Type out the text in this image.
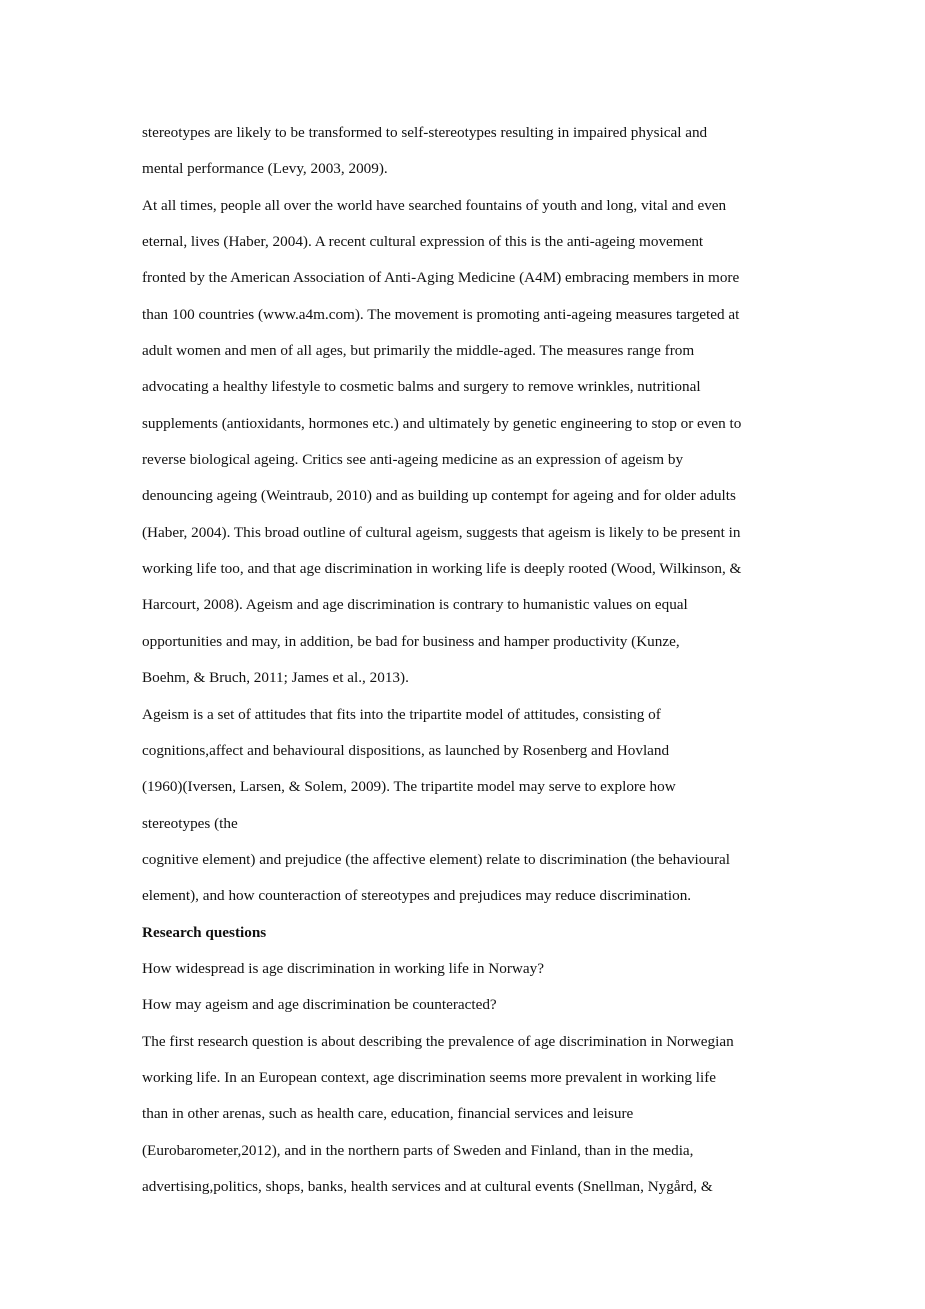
stereotypes are likely to be transformed to self-stereotypes resulting in impaired physical and
mental performance (Levy, 2003, 2009).
At all times, people all over the world have searched fountains of youth and long, vital and even
eternal, lives (Haber, 2004). A recent cultural expression of this is the anti-ageing movement
fronted by the American Association of Anti-Aging Medicine (A4M) embracing members in more
than 100 countries (www.a4m.com). The movement is promoting anti-ageing measures targeted at
adult women and men of all ages, but primarily the middle-aged. The measures range from
advocating a healthy lifestyle to cosmetic balms and surgery to remove wrinkles, nutritional
supplements (antioxidants, hormones etc.) and ultimately by genetic engineering to stop or even to
reverse biological ageing. Critics see anti-ageing medicine as an expression of ageism by
denouncing ageing (Weintraub, 2010) and as building up contempt for ageing and for older adults
(Haber, 2004). This broad outline of cultural ageism, suggests that ageism is likely to be present in
working life too, and that age discrimination in working life is deeply rooted (Wood, Wilkinson, &
Harcourt, 2008). Ageism and age discrimination is contrary to humanistic values on equal
opportunities and may, in addition, be bad for business and hamper productivity (Kunze,
Boehm, & Bruch, 2011; James et al., 2013).
Ageism is a set of attitudes that fits into the tripartite model of attitudes, consisting of
cognitions,affect and behavioural dispositions, as launched by Rosenberg and Hovland
(1960)(Iversen, Larsen, & Solem, 2009). The tripartite model may serve to explore how
stereotypes (the
cognitive element) and prejudice (the affective element) relate to discrimination (the behavioural
element), and how counteraction of stereotypes and prejudices may reduce discrimination.
Research questions
How widespread is age discrimination in working life in Norway?
How may ageism and age discrimination be counteracted?
The first research question is about describing the prevalence of age discrimination in Norwegian
working life. In an European context, age discrimination seems more prevalent in working life
than in other arenas, such as health care, education, financial services and leisure
(Eurobarometer,2012), and in the northern parts of Sweden and Finland, than in the media,
advertising,politics, shops, banks, health services and at cultural events (Snellman, Nygård, &
